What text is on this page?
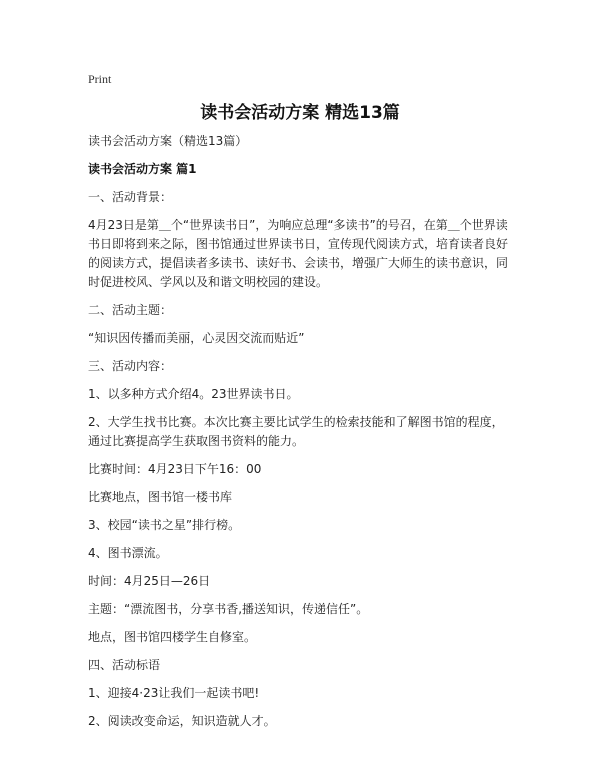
Print
读书会活动方案 精选13篇

读书会活动方案（精选13篇）

读书会活动方案 篇1

一、活动背景：

4月23日是第＿个“世界读书日”，为响应总理“多读书”的号召，在第＿个世界读书日即将到来之际，图书馆通过世界读书日，宣传现代阅读方式，培育读者良好的阅读方式，提倡读者多读书、读好书、会读书，增强广大师生的读书意识，同时促进校风、学风以及和谐文明校园的建设。

二、活动主题：

“知识因传播而美丽，心灵因交流而贴近”

三、活动内容：

1、以多种方式介绍4。23世界读书日。

2、大学生找书比赛。本次比赛主要比试学生的检索技能和了解图书馆的程度，通过比赛提高学生获取图书资料的能力。

比赛时间：4月23日下午16：00

比赛地点，图书馆一楼书库

3、校园“读书之星”排行榜。

4、图书漂流。

时间：4月25日—26日

主题：“漂流图书，分享书香,播送知识，传递信任”。

地点，图书馆四楼学生自修室。

四、活动标语

1、迎接4·23让我们一起读书吧!

2、阅读改变命运，知识造就人才。
